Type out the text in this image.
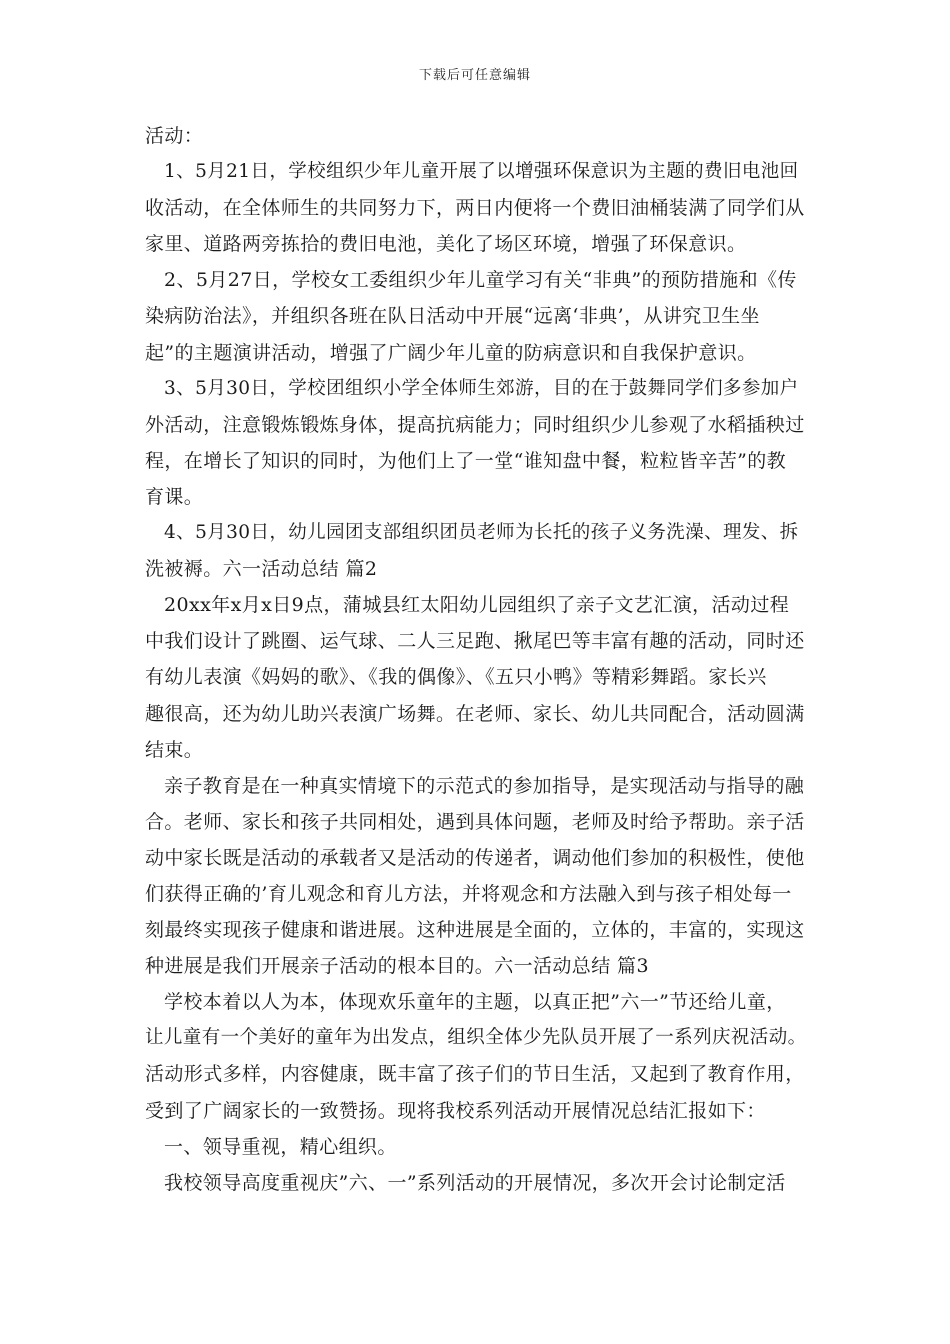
下载后可任意编辑
活动：
1、5月21日，学校组织少年儿童开展了以增强环保意识为主题的费旧电池回
收活动，在全体师生的共同努力下，两日内便将一个费旧油桶装满了同学们从
家里、道路两旁拣拾的费旧电池，美化了场区环境，增强了环保意识。
2、5月27日，学校女工委组织少年儿童学习有关“非典”的预防措施和《传
染病防治法》，并组织各班在队日活动中开展“远离‘非典’，从讲究卫生坐
起”的主题演讲活动，增强了广阔少年儿童的防病意识和自我保护意识。
3、5月30日，学校团组织小学全体师生郊游，目的在于鼓舞同学们多参加户
外活动，注意锻炼锻炼身体，提高抗病能力；同时组织少儿参观了水稻插秧过
程，在增长了知识的同时，为他们上了一堂“谁知盘中餐，粒粒皆辛苦”的教
育课。
4、5月30日，幼儿园团支部组织团员老师为长托的孩子义务洗澡、理发、拆
洗被褥。六一活动总结 篇2
20xx年x月x日9点，蒲城县红太阳幼儿园组织了亲子文艺汇演，活动过程
中我们设计了跳圈、运气球、二人三足跑、揪尾巴等丰富有趣的活动，同时还
有幼儿表演《妈妈的歌》、《我的偶像》、《五只小鸭》等精彩舞蹈。家长兴
趣很高，还为幼儿助兴表演广场舞。在老师、家长、幼儿共同配合，活动圆满
结束。
亲子教育是在一种真实情境下的示范式的参加指导，是实现活动与指导的融
合。老师、家长和孩子共同相处，遇到具体问题，老师及时给予帮助。亲子活
动中家长既是活动的承载者又是活动的传递者，调动他们参加的积极性，使他
们获得正确的’育儿观念和育儿方法，并将观念和方法融入到与孩子相处每一
刻最终实现孩子健康和谐进展。这种进展是全面的，立体的，丰富的，实现这
种进展是我们开展亲子活动的根本目的。六一活动总结 篇3
学校本着以人为本，体现欢乐童年的主题，以真正把”六一”节还给儿童，
让儿童有一个美好的童年为出发点，组织全体少先队员开展了一系列庆祝活动。
活动形式多样，内容健康，既丰富了孩子们的节日生活，又起到了教育作用，
受到了广阔家长的一致赞扬。现将我校系列活动开展情况总结汇报如下：
一、领导重视，精心组织。
我校领导高度重视庆”六、一”系列活动的开展情况，多次开会讨论制定活
